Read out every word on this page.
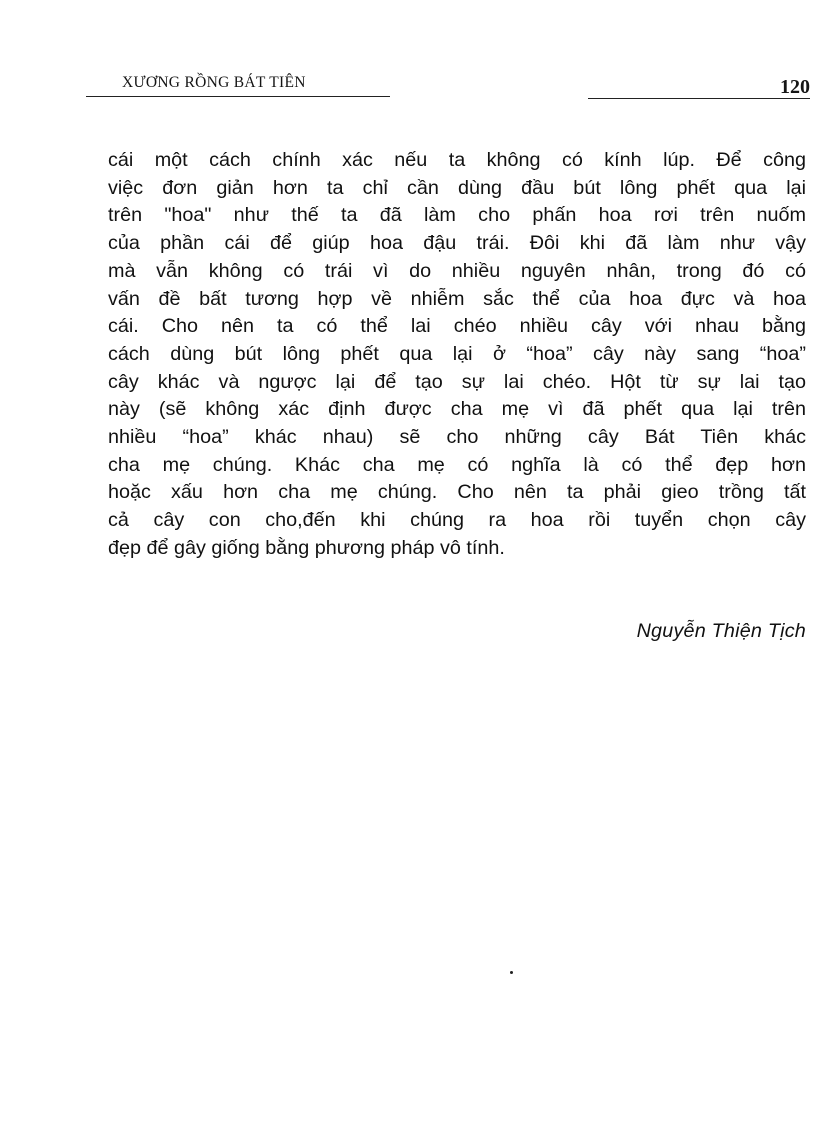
XƯƠNG RỒNG BÁT TIÊN	120
cái một cách chính xác nếu ta không có kính lúp. Để công
việc đơn giản hơn ta chỉ cần dùng đầu bút lông phết qua lại
trên "hoa" như thế ta đã làm cho phấn hoa rơi trên nuốm
của phần cái để giúp hoa đậu trái. Đôi khi đã làm như vậy
mà vẫn không có trái vì do nhiều nguyên nhân, trong đó có
vấn đề bất tương hợp về nhiễm sắc thể của hoa đực và hoa
cái. Cho nên ta có thể lai chéo nhiều cây với nhau bằng
cách dùng bút lông phết qua lại ở “hoa” cây này sang “hoa”
cây khác và ngược lại để tạo sự lai chéo. Hột từ sự lai tạo
này (sẽ không xác định được cha mẹ vì đã phết qua lại trên
nhiều “hoa” khác nhau) sẽ cho những cây Bát Tiên khác
cha mẹ chúng. Khác cha mẹ có nghĩa là có thể đẹp hơn
hoặc xấu hơn cha mẹ chúng. Cho nên ta phải gieo trồng tất
cả cây con cho,đến khi chúng ra hoa rồi tuyển chọn cây
đẹp để gây giống bằng phương pháp vô tính.
Nguyễn Thiện Tịch
